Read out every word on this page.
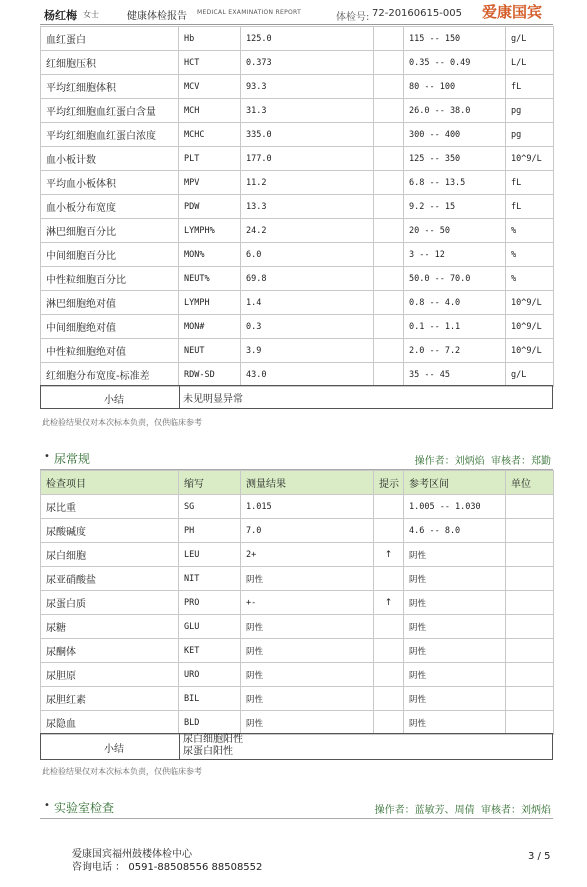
杨红梅 女士	健康体检报告 MEDICAL EXAMINATION REPORT	体检号: 72-20160615-005 爱康国宾
血红蛋白	Hb	125.0		115 -- 150	g/L
红细胞压积	HCT	0.373		0.35 -- 0.49	L/L
平均红细胞体积	MCV	93.3		80 -- 100	fL
平均红细胞血红蛋白含量	MCH	31.3		26.0 -- 38.0	pg
平均红细胞血红蛋白浓度	MCHC	335.0		300 -- 400	pg
血小板计数	PLT	177.0		125 -- 350	10^9/L
平均血小板体积	MPV	11.2		6.8 -- 13.5	fL
血小板分布宽度	PDW	13.3		9.2 -- 15	fL
淋巴细胞百分比	LYMPH%	24.2		20 -- 50	%
中间细胞百分比	MON%	6.0		3 -- 12	%
中性粒细胞百分比	NEUT%	69.8		50.0 -- 70.0	%
淋巴细胞绝对值	LYMPH	1.4		0.8 -- 4.0	10^9/L
中间细胞绝对值	MON#	0.3		0.1 -- 1.1	10^9/L
中性粒细胞绝对值	NEUT	3.9		2.0 -- 7.2	10^9/L
红细胞分布宽度-标准差	RDW-SD	43.0		35 -- 45	g/L
小结	未见明显异常
此检验结果仅对本次标本负责，仅供临床参考
• 尿常规	操作者：刘炳焰 审核者：郑勤
检查项目	缩写	测量结果	提示	参考区间	单位
尿比重	SG	1.015		1.005 -- 1.030	
尿酸碱度	PH	7.0		4.6 -- 8.0	
尿白细胞	LEU	2+	↑	阴性	
尿亚硝酸盐	NIT	阴性		阴性	
尿蛋白质	PRO	+-	↑	阴性	
尿糖	GLU	阴性		阴性	
尿酮体	KET	阴性		阴性	
尿胆原	URO	阴性		阴性	
尿胆红素	BIL	阴性		阴性	
尿隐血	BLD	阴性		阴性	
小结
尿白细胞阳性
尿蛋白阳性
此检验结果仅对本次标本负责，仅供临床参考
• 实验室检查	操作者：蓝敏芳、周倩 审核者：刘炳焰
爱康国宾福州鼓楼体检中心
咨询电话 ： 0591-88508556 88508552
3 / 5
